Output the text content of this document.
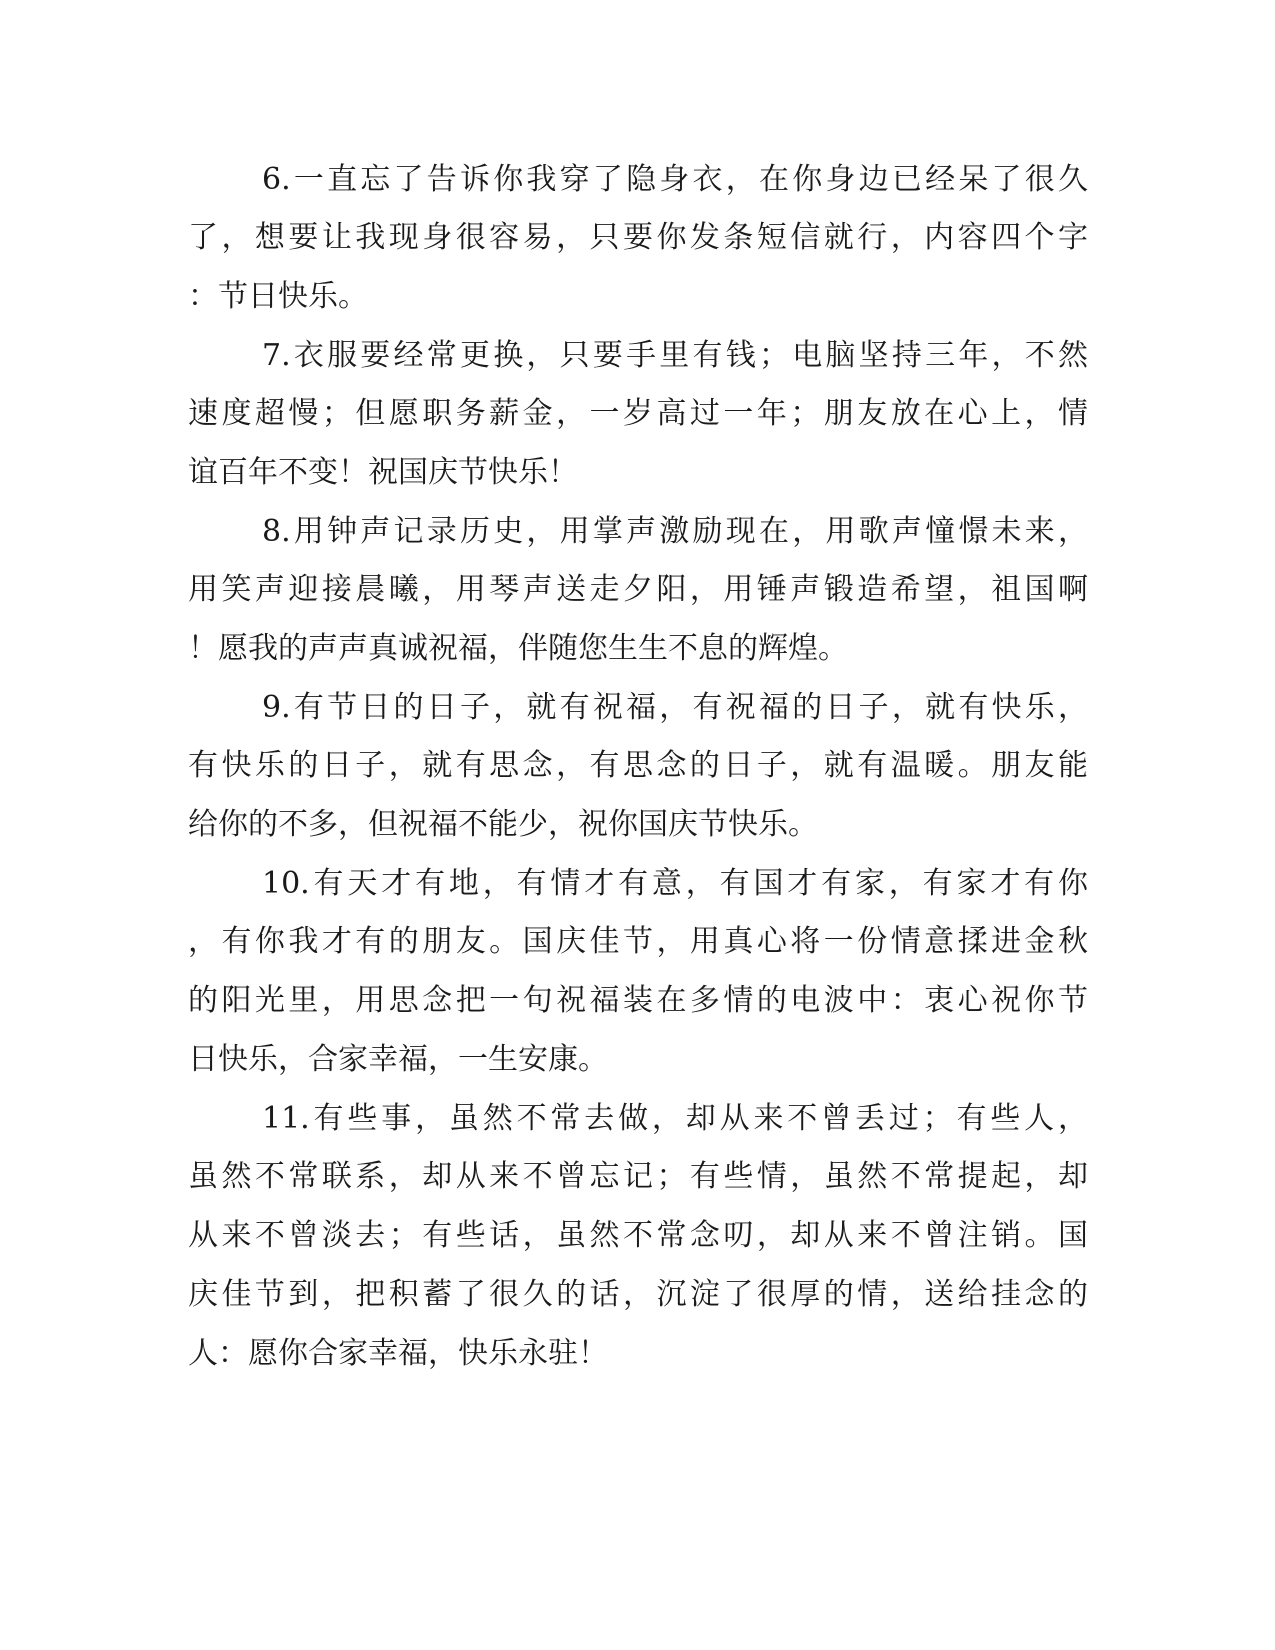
6.一直忘了告诉你我穿了隐身衣，在你身边已经呆了很久
了，想要让我现身很容易，只要你发条短信就行，内容四个字
：节日快乐。
7.衣服要经常更换，只要手里有钱；电脑坚持三年，不然
速度超慢；但愿职务薪金，一岁高过一年；朋友放在心上，情
谊百年不变！祝国庆节快乐！
8.用钟声记录历史，用掌声激励现在，用歌声憧憬未来，
用笑声迎接晨曦，用琴声送走夕阳，用锤声锻造希望，祖国啊
！愿我的声声真诚祝福，伴随您生生不息的辉煌。
9.有节日的日子，就有祝福，有祝福的日子，就有快乐，
有快乐的日子，就有思念，有思念的日子，就有温暖。朋友能
给你的不多，但祝福不能少，祝你国庆节快乐。
10.有天才有地，有情才有意，有国才有家，有家才有你
，有你我才有的朋友。国庆佳节，用真心将一份情意揉进金秋
的阳光里，用思念把一句祝福装在多情的电波中：衷心祝你节
日快乐，合家幸福，一生安康。
11.有些事，虽然不常去做，却从来不曾丢过；有些人，
虽然不常联系，却从来不曾忘记；有些情，虽然不常提起，却
从来不曾淡去；有些话，虽然不常念叨，却从来不曾注销。国
庆佳节到，把积蓄了很久的话，沉淀了很厚的情，送给挂念的
人：愿你合家幸福，快乐永驻！
